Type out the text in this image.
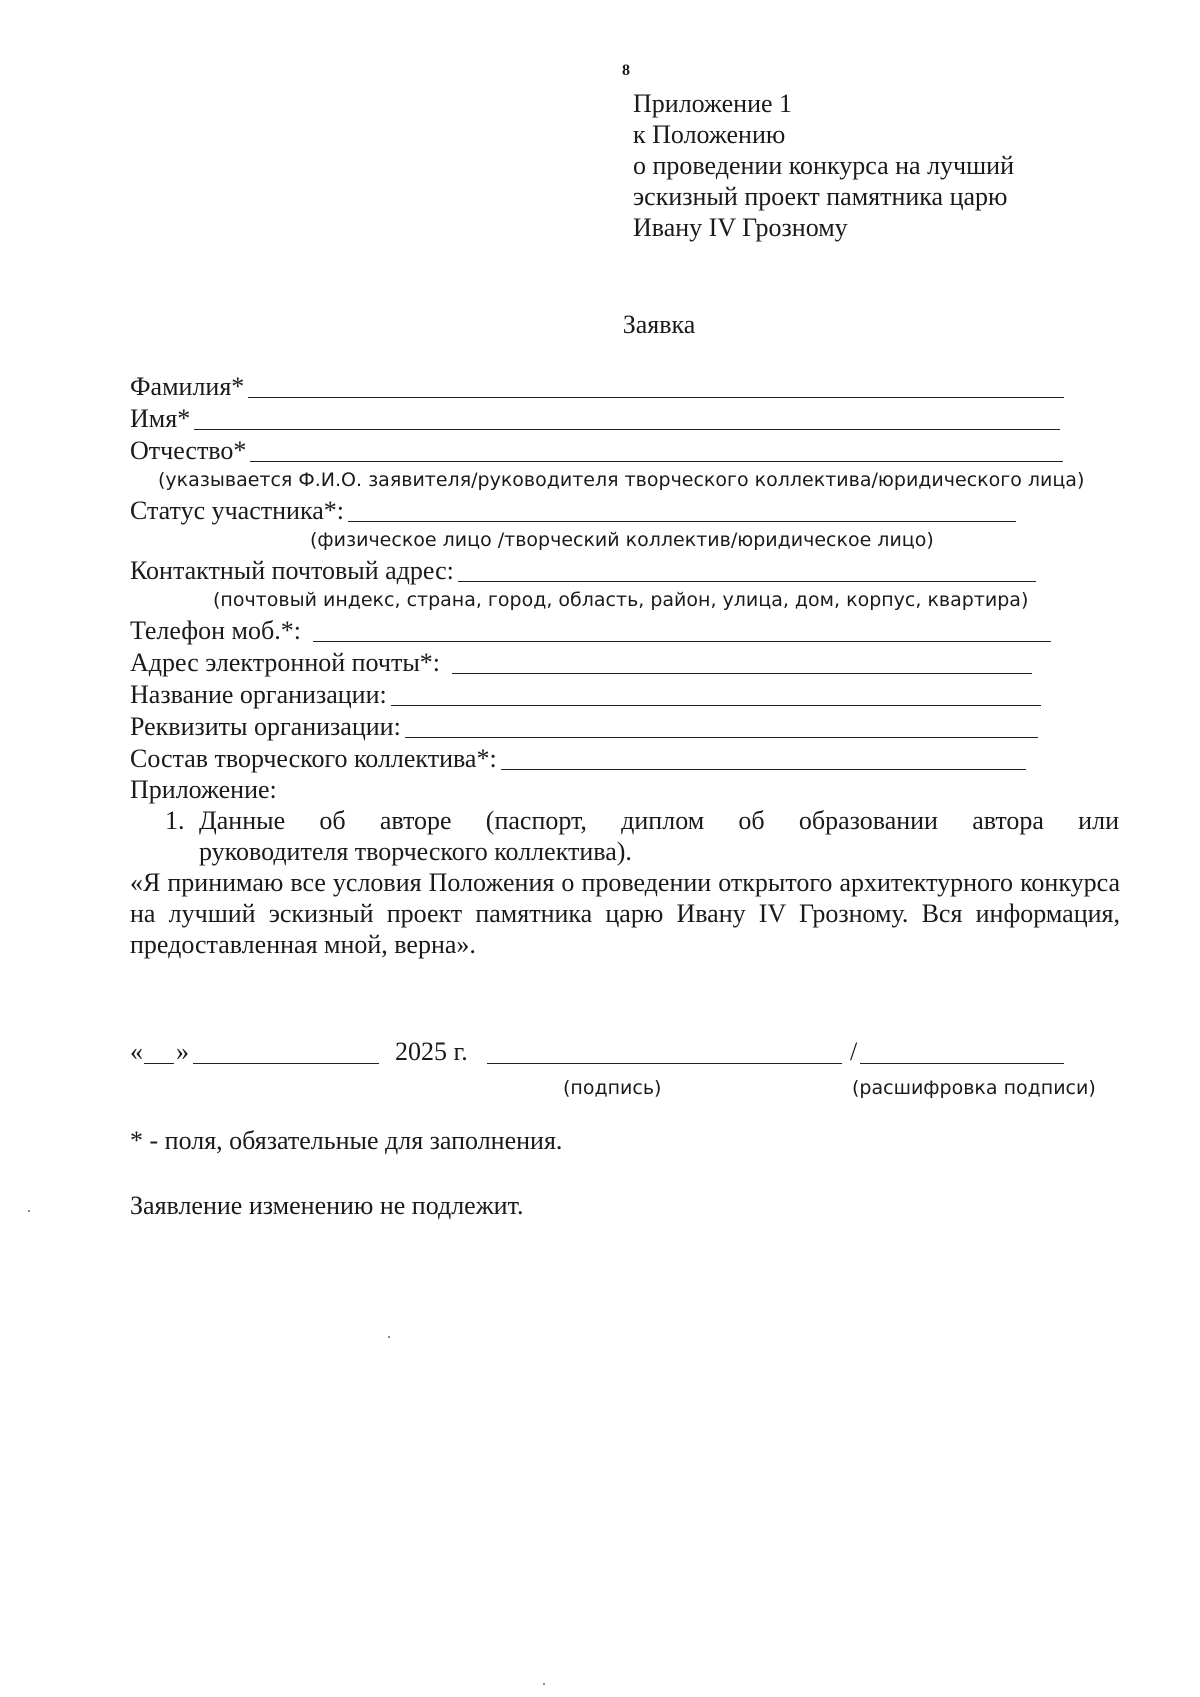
8
Приложение 1
к Положению
о проведении конкурса на лучший
эскизный проект памятника царю
Ивану IV Грозному
Заявка
Фамилия*
Имя*
Отчество*
(указывается Ф.И.О. заявителя/руководителя творческого коллектива/юридического лица)
Статус участника*:
(физическое лицо /творческий коллектив/юридическое лицо)
Контактный почтовый адрес:
(почтовый индекс, страна, город, область, район, улица, дом, корпус, квартира)
Телефон моб.*:
Адрес электронной почты*:
Название организации:
Реквизиты организации:
Состав творческого коллектива*:
Приложение:
1. Данные об авторе (паспорт, диплом об образовании автора или
руководителя творческого коллектива).
«Я принимаю все условия Положения о проведении открытого архитектурного конкурса на лучший эскизный проект памятника царю Ивану IV Грозному. Вся информация, предоставленная мной, верна».
« »	2025 г.	/
(подпись)	(расшифровка подписи)
* - поля, обязательные для заполнения.
Заявление изменению не подлежит.
